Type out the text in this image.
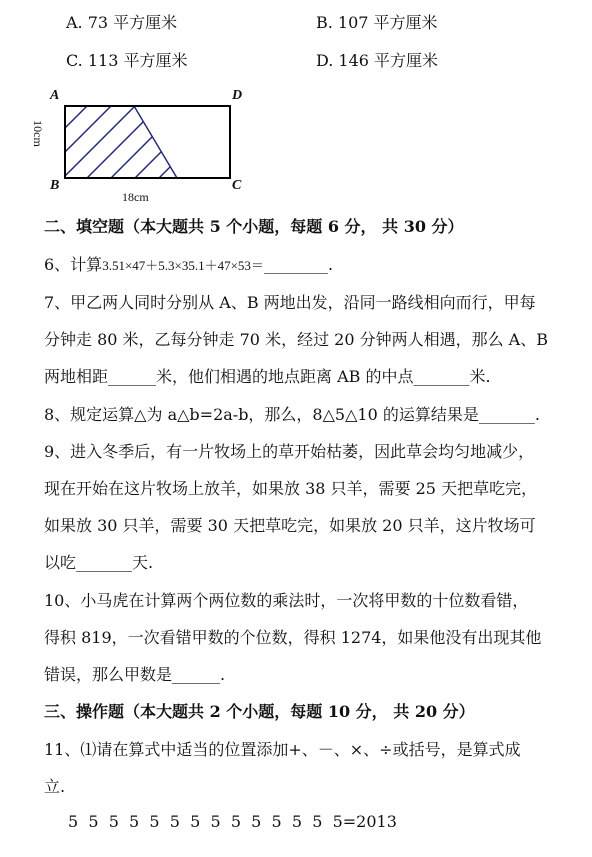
A. 73 平方厘米	B. 107 平方厘米
C. 113 平方厘米	D. 146 平方厘米
A	D
B	C
10cm
18cm
二、填空题（本大题共 5 个小题，每题 6 分， 共 30 分）
6、计算3.51×47＋5.3×35.1＋47×53＝________.
7、甲乙两人同时分别从 A、B 两地出发，沿同一路线相向而行，甲每
分钟走 80 米，乙每分钟走 70 米，经过 20 分钟两人相遇，那么 A、B
两地相距______米，他们相遇的地点距离 AB 的中点_______米.
8、规定运算△为 a△b=2a-b，那么，8△5△10 的运算结果是_______.
9、进入冬季后，有一片牧场上的草开始枯萎，因此草会均匀地减少，
现在开始在这片牧场上放羊，如果放 38 只羊，需要 25 天把草吃完，
如果放 30 只羊，需要 30 天把草吃完，如果放 20 只羊，这片牧场可
以吃_______天.
10、小马虎在计算两个两位数的乘法时，一次将甲数的十位数看错，
得积 819，一次看错甲数的个位数，得积 1274，如果他没有出现其他
错误，那么甲数是______.
三、操作题（本大题共 2 个小题，每题 10 分， 共 20 分）
11、⑴请在算式中适当的位置添加+、－、×、÷或括号，是算式成
立.
5  5  5  5  5  5  5  5  5  5  5  5  5  5=2013
